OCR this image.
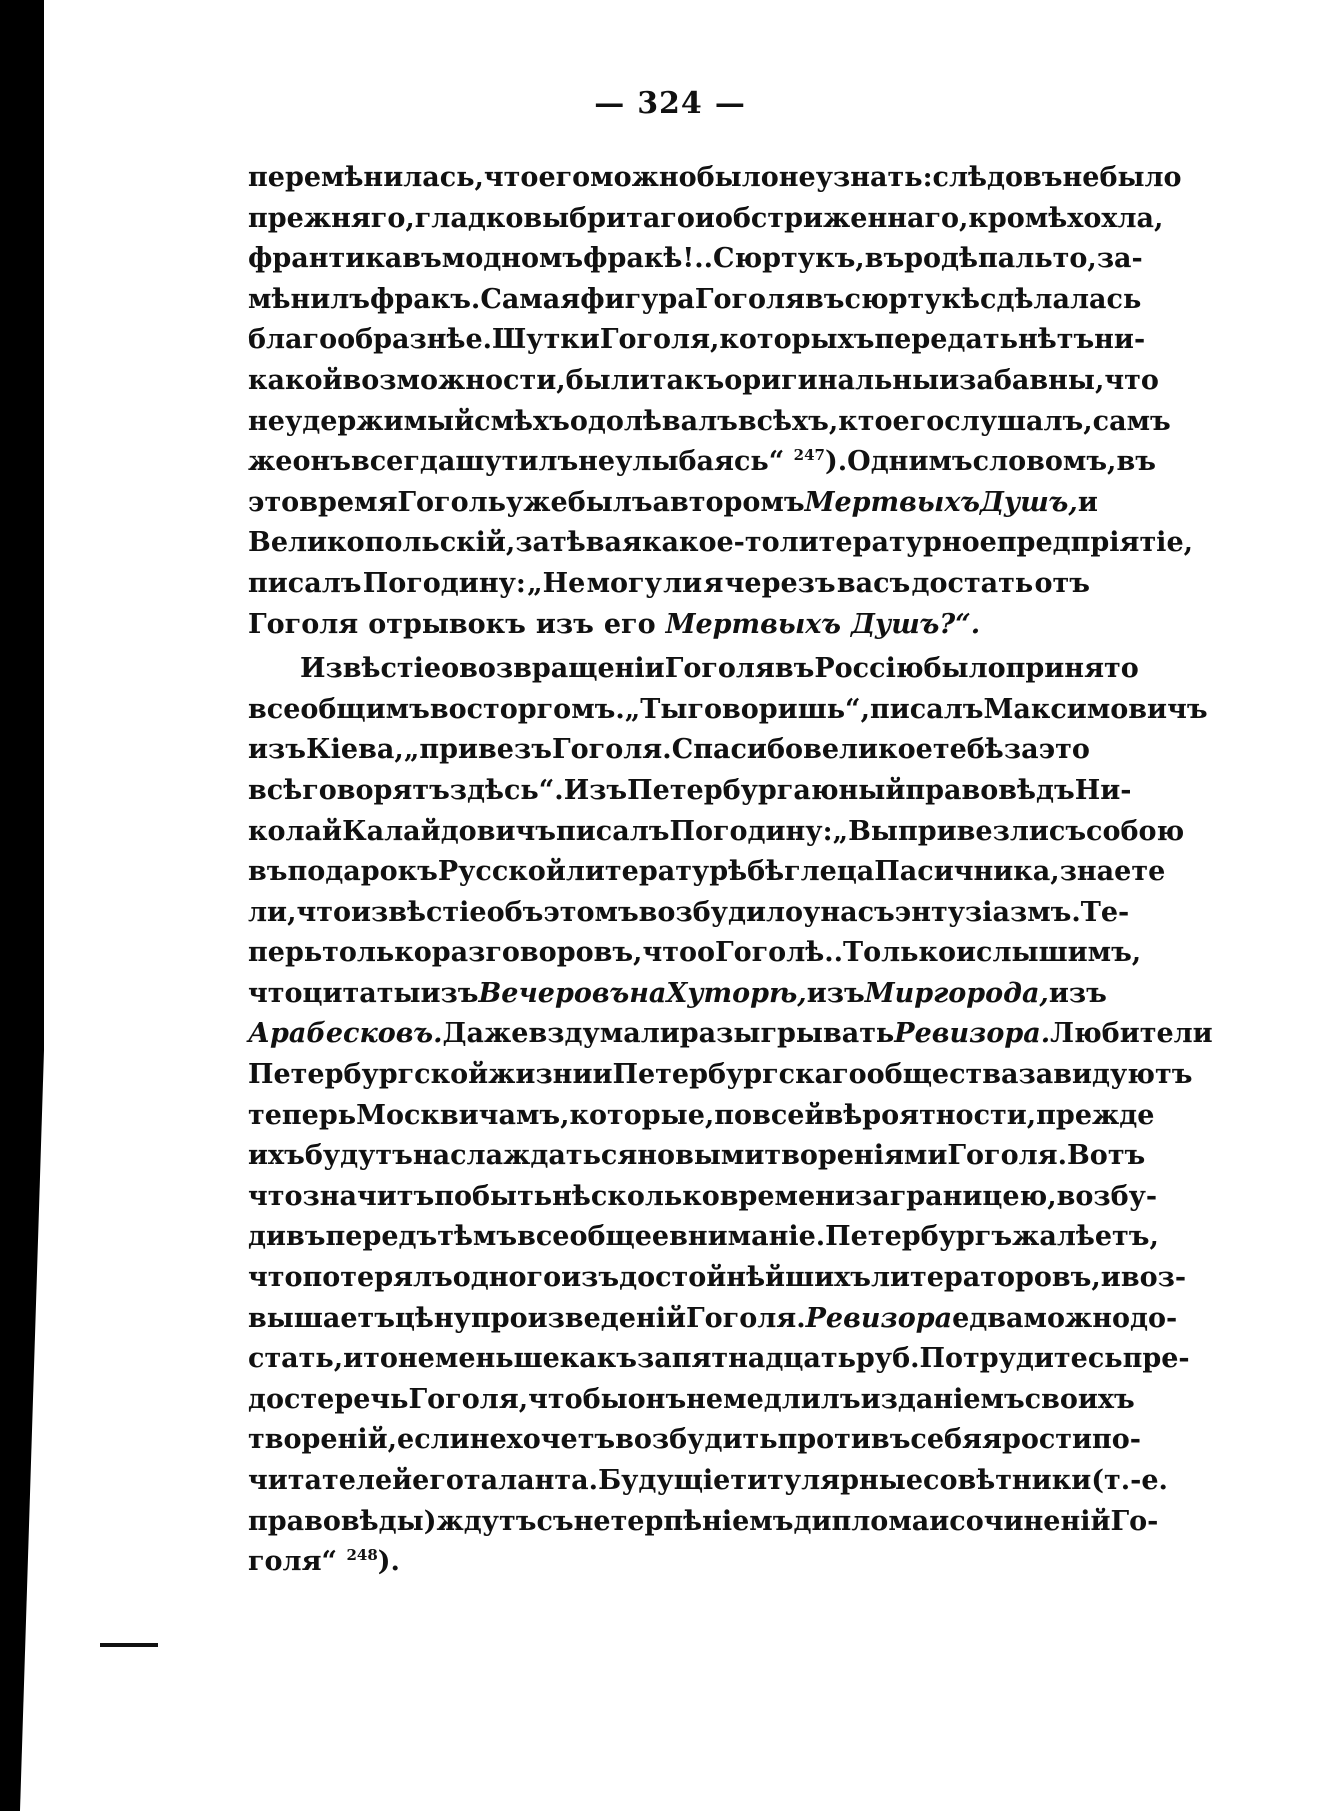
— 324 —
перемѣнилась, что его можно было не узнать: слѣдовъ не было
прежняго, гладко выбритаго и обстриженнаго, кромѣ хохла,
франтика въ модномъ фракѣ!.. Сюртукъ, въ родѣ пальто, за-
мѣнилъ фракъ. Самая фигура Гоголя въ сюртукѣ сдѣлалась
благообразнѣе. Шутки Гоголя, которыхъ передать нѣтъ ни-
какой возможности, были такъ оригинальны и забавны, что
неудержимый смѣхъ одолѣвалъ всѣхъ, кто его слушалъ, самъ
же онъ всегда шутилъ не улыбаясь“ $^{247}$). Однимъ словомъ, въ
это время Гоголь уже былъ авторомъ Мертвыхъ Душъ, и
Великопольскій, затѣвая какое-то литературное предпріятіе,
писалъ Погодину: „Не могу ли я черезъ васъ достать отъ
Гоголя отрывокъ изъ его Мертвыхъ Душъ?“.
Извѣстіе о возвращеніи Гоголя въ Россію было принято
всеобщимъ восторгомъ. „Ты говоришь“, писалъ Максимовичъ
изъ Кіева, „привезъ Гоголя. Спасибо великое тебѣ за это
всѣ говорятъ здѣсь“. Изъ Петербурга юный правовѣдъ Ни-
колай Калайдовичъ писалъ Погодину: „Вы привезли съ собою
въ подарокъ Русской литературѣ бѣглеца Пасичника, знаете
ли, что извѣстіе объ этомъ возбудило у насъ энтузіазмъ. Те-
перь только разговоровъ, что о Гоголѣ.. Только и слышимъ,
что цитаты изъ Вечеровъ на Хуторѣ, изъ Миргорода, изъ
Арабесковъ. Даже вздумали разыгрывать Ревизора. Любители
Петербургской жизни и Петербургскаго общества завидуютъ
теперь Москвичамъ, которые, по всей вѣроятности, прежде
ихъ будутъ наслаждаться новыми твореніями Гоголя. Вотъ
что значитъ побыть нѣсколько времени за границею, возбу-
дивъ передъ тѣмъ всеобщее вниманіе. Петербургъ жалѣетъ,
что потерялъ одного изъ достойнѣйшихъ литераторовъ, и воз-
вышаетъ цѣну произведеній Гоголя. Ревизора едва можно до-
стать, и то не меньше какъ за пятнадцать руб. Потрудитесь пре-
достеречь Гоголя, чтобы онъ не медлилъ изданіемъ своихъ
твореній, если не хочетъ возбудить противъ себя ярости по-
читателей его таланта. Будущіе титулярные совѣтники (т.-е.
правовѣды) ждутъ съ нетерпѣніемъ диплома и сочиненій Го-
голя“ $^{248}$).
